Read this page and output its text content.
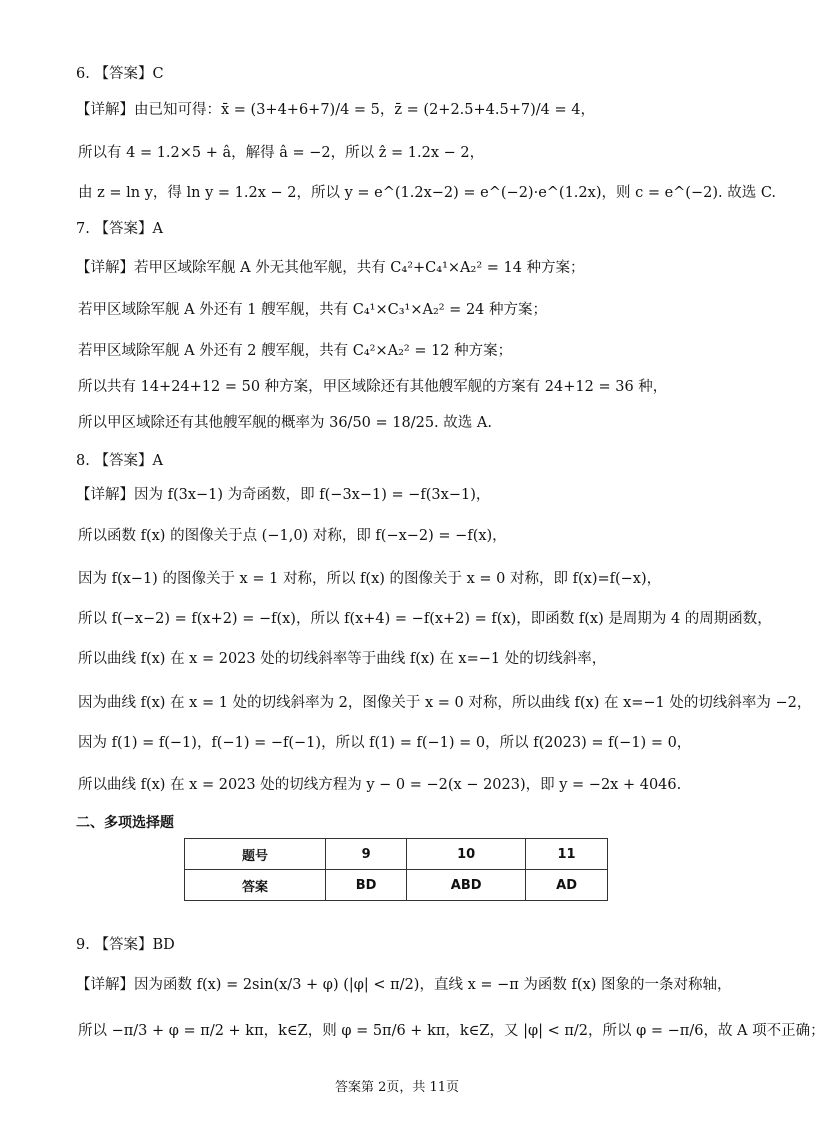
6. 【答案】C
【详解】由已知可得：x̄ = (3+4+6+7)/4 = 5，z̄ = (2+2.5+4.5+7)/4 = 4，
所以有 4 = 1.2×5 + â，解得 â = −2，所以 ẑ = 1.2x − 2，
由 z = ln y，得 ln y = 1.2x − 2，所以 y = e^(1.2x−2) = e^(−2)·e^(1.2x)，则 c = e^(−2). 故选 C.
7. 【答案】A
【详解】若甲区域除军舰 A 外无其他军舰，共有 C₄²+C₄¹×A₂² = 14 种方案；
若甲区域除军舰 A 外还有 1 艘军舰，共有 C₄¹×C₃¹×A₂² = 24 种方案；
若甲区域除军舰 A 外还有 2 艘军舰，共有 C₄²×A₂² = 12 种方案；
所以共有 14+24+12 = 50 种方案，甲区域除还有其他艘军舰的方案有 24+12 = 36 种，
所以甲区域除还有其他艘军舰的概率为 36/50 = 18/25. 故选 A.
8. 【答案】A
【详解】因为 f(3x−1) 为奇函数，即 f(−3x−1) = −f(3x−1)，
所以函数 f(x) 的图像关于点 (−1,0) 对称，即 f(−x−2) = −f(x)，
因为 f(x−1) 的图像关于 x = 1 对称，所以 f(x) 的图像关于 x = 0 对称，即 f(x)=f(−x)，
所以 f(−x−2) = f(x+2) = −f(x)，所以 f(x+4) = −f(x+2) = f(x)，即函数 f(x) 是周期为 4 的周期函数，
所以曲线 f(x) 在 x = 2023 处的切线斜率等于曲线 f(x) 在 x=−1 处的切线斜率，
因为曲线 f(x) 在 x = 1 处的切线斜率为 2，图像关于 x = 0 对称，所以曲线 f(x) 在 x=−1 处的切线斜率为 −2，
因为 f(1) = f(−1)，f(−1) = −f(−1)，所以 f(1) = f(−1) = 0，所以 f(2023) = f(−1) = 0，
所以曲线 f(x) 在 x = 2023 处的切线方程为 y − 0 = −2(x − 2023)，即 y = −2x + 4046.
二、多项选择题
题号	9	10	11
答案	BD	ABD	AD
9. 【答案】BD
【详解】因为函数 f(x) = 2sin(x/3 + φ) (|φ| < π/2)，直线 x = −π 为函数 f(x) 图象的一条对称轴，
所以 −π/3 + φ = π/2 + kπ，k∈Z，则 φ = 5π/6 + kπ，k∈Z，又 |φ| < π/2，所以 φ = −π/6，故 A 项不正确；
答案第 2页，共 11页
